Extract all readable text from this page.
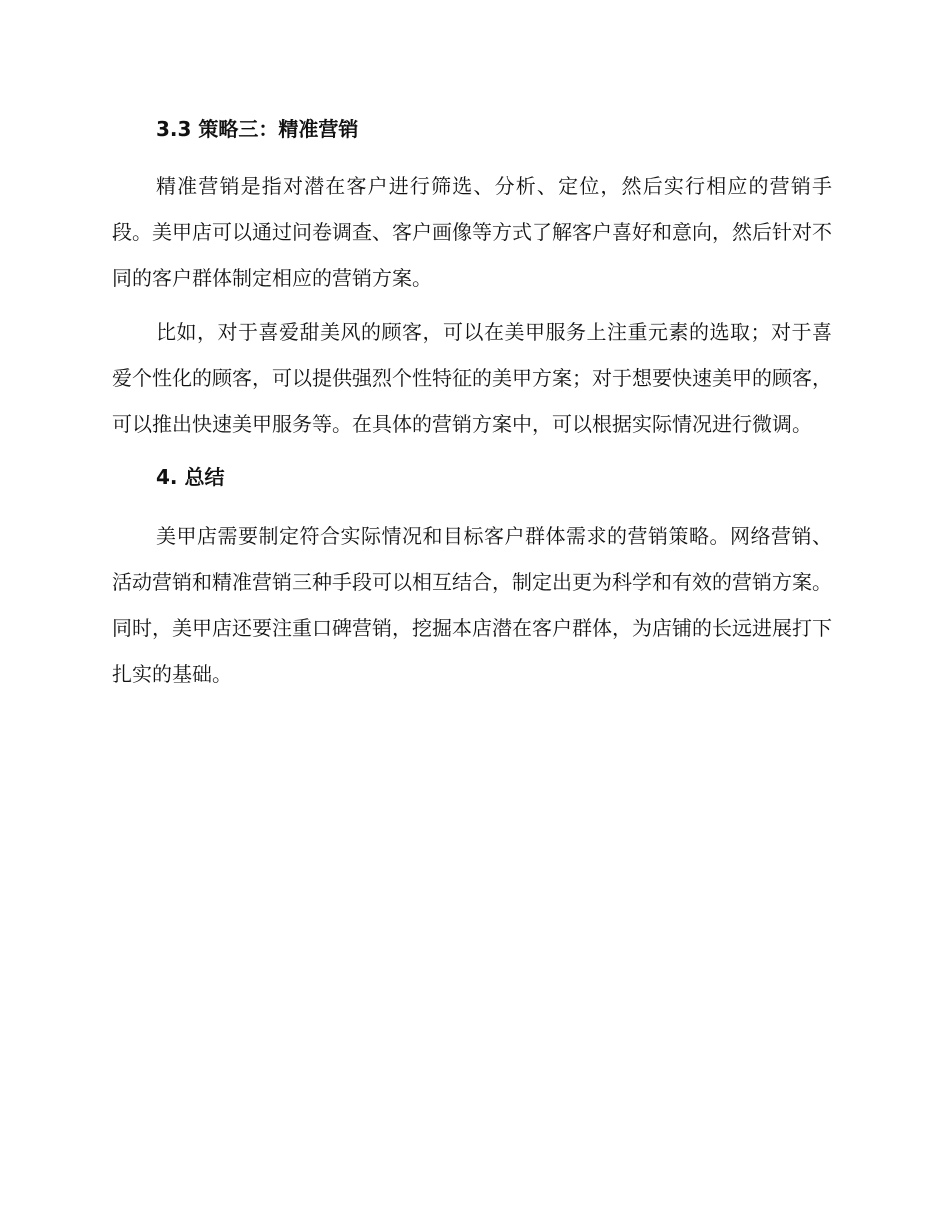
3.3 策略三：精准营销

精准营销是指对潜在客户进行筛选、分析、定位，然后实行相应的营销手段。美甲店可以通过问卷调查、客户画像等方式了解客户喜好和意向，然后针对不同的客户群体制定相应的营销方案。

比如，对于喜爱甜美风的顾客，可以在美甲服务上注重元素的选取；对于喜爱个性化的顾客，可以提供强烈个性特征的美甲方案；对于想要快速美甲的顾客，可以推出快速美甲服务等。在具体的营销方案中，可以根据实际情况进行微调。

4. 总结

美甲店需要制定符合实际情况和目标客户群体需求的营销策略。网络营销、活动营销和精准营销三种手段可以相互结合，制定出更为科学和有效的营销方案。同时，美甲店还要注重口碑营销，挖掘本店潜在客户群体，为店铺的长远进展打下扎实的基础。
